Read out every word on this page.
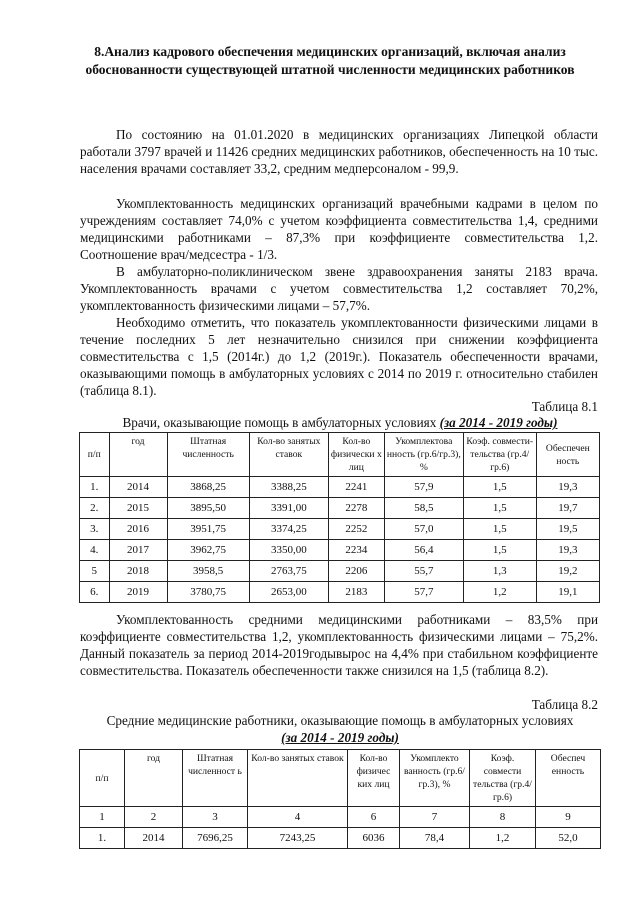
8.Анализ кадрового обеспечения медицинских организаций, включая анализ обоснованности существующей штатной численности медицинских работников

По состоянию на 01.01.2020 в медицинских организациях Липецкой области работали 3797 врачей и 11426 средних медицинских работников, обеспеченность на 10 тыс. населения врачами составляет 33,2, средним медперсоналом - 99,9.

Укомплектованность медицинских организаций врачебными кадрами в целом по учреждениям составляет 74,0% с учетом коэффициента совместительства 1,4, средними медицинскими работниками – 87,3% при коэффициенте совместительства 1,2. Соотношение врач/медсестра - 1/3.

В амбулаторно-поликлиническом звене здравоохранения заняты 2183 врача. Укомплектованность врачами с учетом совместительства 1,2 составляет 70,2%, укомплектованность физическими лицами – 57,7%.

Необходимо отметить, что показатель укомплектованности физическими лицами в течение последних 5 лет незначительно снизился при снижении коэффициента совместительства с 1,5 (2014г.) до 1,2 (2019г.). Показатель обеспеченности врачами, оказывающими помощь в амбулаторных условиях с 2014 по 2019 г. относительно стабилен (таблица 8.1).

Таблица 8.1
Врачи, оказывающие помощь в амбулаторных условиях (за 2014 - 2019 годы)
п/п	год	Штатная численность	Кол-во занятых ставок	Кол-во физически х лиц	Укомплектова нность (гр.6/гр.3), %	Коэф. совмести- тельства (гр.4/гр.6)	Обеспечен ность
1.	2014	3868,25	3388,25	2241	57,9	1,5	19,3
2.	2015	3895,50	3391,00	2278	58,5	1,5	19,7
3.	2016	3951,75	3374,25	2252	57,0	1,5	19,5
4.	2017	3962,75	3350,00	2234	56,4	1,5	19,3
5	2018	3958,5	2763,75	2206	55,7	1,3	19,2
6.	2019	3780,75	2653,00	2183	57,7	1,2	19,1

Укомплектованность средними медицинскими работниками – 83,5% при коэффициенте совместительства 1,2, укомплектованность физическими лицами – 75,2%. Данный показатель за период 2014-2019годывырос на 4,4% при стабильном коэффициенте совместительства. Показатель обеспеченности также снизился на 1,5 (таблица 8.2).

Таблица 8.2
Средние медицинские работники, оказывающие помощь в амбулаторных условиях
(за 2014 - 2019 годы)
п/п	год	Штатная численност ь	Кол-во занятых ставок	Кол-во физичес ких лиц	Укомплекто ванность (гр.6/гр.3), %	Коэф. совмести тельства (гр.4/гр.6)	Обеспеч енность
1	2	3	4	6	7	8	9
1.	2014	7696,25	7243,25	6036	78,4	1,2	52,0
